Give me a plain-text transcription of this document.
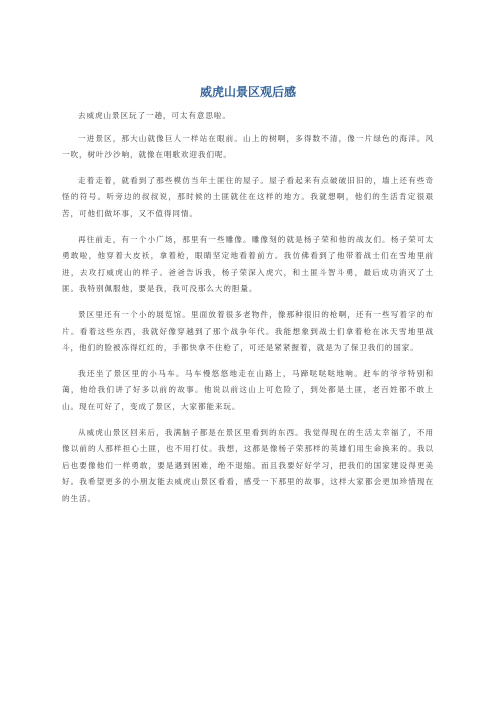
威虎山景区观后感

去威虎山景区玩了一趟，可太有意思啦。

一进景区，那大山就像巨人一样站在眼前。山上的树啊，多得数不清，像一片绿色的海洋。风一吹，树叶沙沙响，就像在唱歌欢迎我们呢。

走着走着，就看到了那些模仿当年土匪住的屋子。屋子看起来有点破破旧旧的，墙上还有些奇怪的符号。听旁边的叔叔说，那时候的土匪就住在这样的地方。我就想啊，他们的生活肯定很艰苦，可他们做坏事，又不值得同情。

再往前走，有一个小广场，那里有一些雕像。雕像刻的就是杨子荣和他的战友们。杨子荣可太勇敢啦，他穿着大皮袄，拿着枪，眼睛坚定地看着前方。我仿佛看到了他带着战士们在雪地里前进，去攻打威虎山的样子。爸爸告诉我，杨子荣深入虎穴，和土匪斗智斗勇，最后成功消灭了土匪。我特别佩服他，要是我，我可没那么大的胆量。

景区里还有一个小的展览馆。里面放着很多老物件，像那种很旧的枪啊，还有一些写着字的布片。看着这些东西，我就好像穿越到了那个战争年代。我能想象到战士们拿着枪在冰天雪地里战斗，他们的脸被冻得红红的，手都快拿不住枪了，可还是紧紧握着，就是为了保卫我们的国家。

我还坐了景区里的小马车。马车慢悠悠地走在山路上，马蹄哒哒哒地响。赶车的爷爷特别和蔼，他给我们讲了好多以前的故事。他说以前这山上可危险了，到处都是土匪，老百姓都不敢上山。现在可好了，变成了景区，大家都能来玩。

从威虎山景区回来后，我满脑子都是在景区里看到的东西。我觉得现在的生活太幸福了，不用像以前的人那样担心土匪，也不用打仗。我想，这都是像杨子荣那样的英雄们用生命换来的。我以后也要像他们一样勇敢，要是遇到困难，绝不退缩。而且我要好好学习，把我们的国家建设得更美好。我希望更多的小朋友能去威虎山景区看看，感受一下那里的故事，这样大家都会更加珍惜现在的生活。
